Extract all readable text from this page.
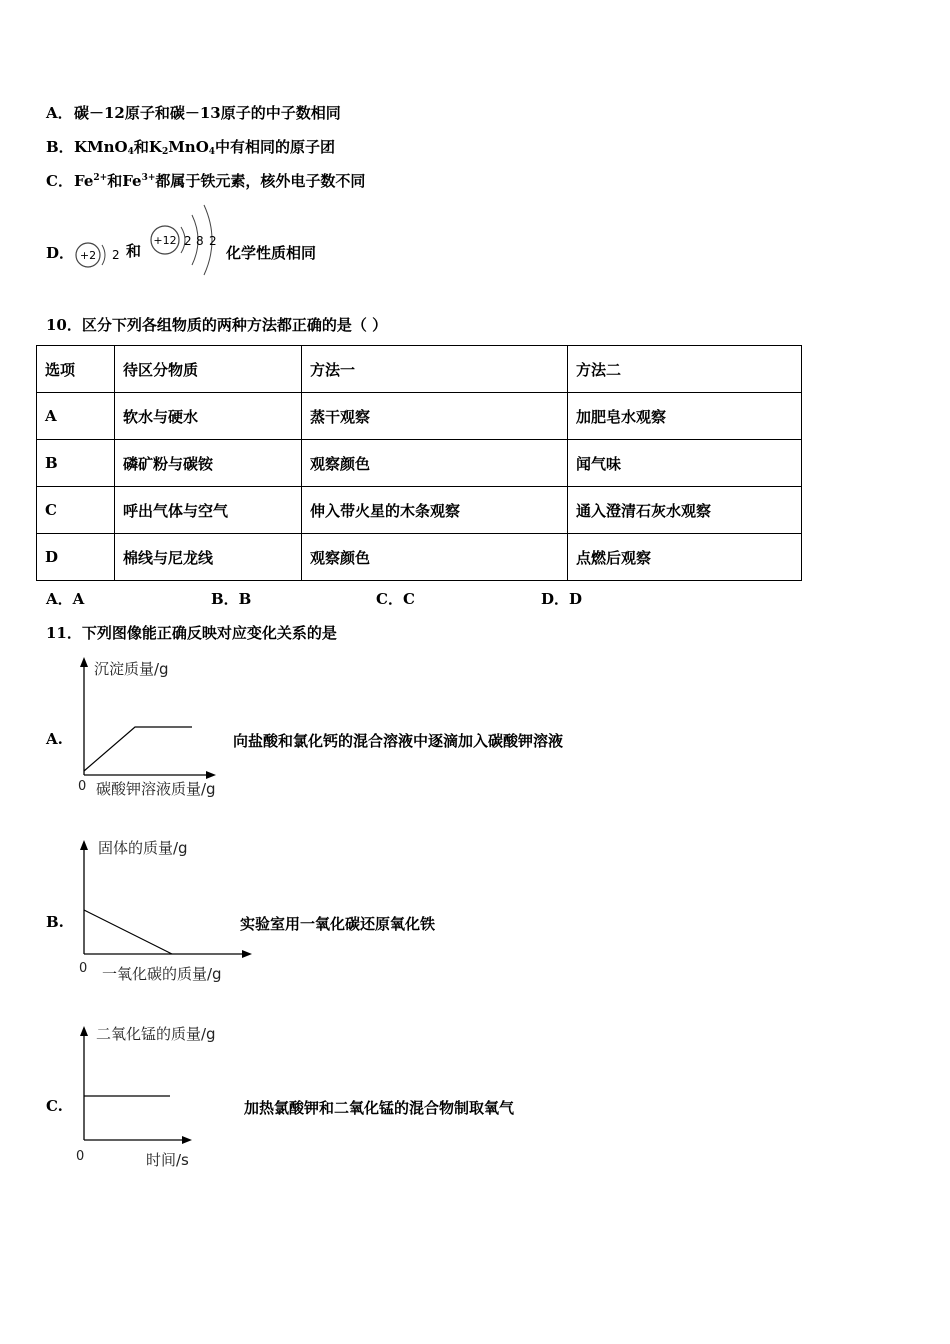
A．碳－12原子和碳－13原子的中子数相同
B．KMnO$_4$和$K_2MnO_4$中有相同的原子团
C．$Fe^{2+}$和$Fe^{3+}$都属于铁元素，核外电子数不同
D． +2 2 和
+12 2 8 2
化学性质相同
10．区分下列各组物质的两种方法都正确的是（ ）
选项	待区分物质	方法一	方法二
A	软水与硬水	蒸干观察	加肥皂水观察
B	磷矿粉与碳铵	观察颜色	闻气味
C	呼出气体与空气	伸入带火星的木条观察	通入澄清石灰水观察
D	棉线与尼龙线	观察颜色	点燃后观察
A．A	B．B	C．C	D．D
11．下列图像能正确反映对应变化关系的是
A.
沉淀质量/g
0 碳酸钾溶液质量/g
向盐酸和氯化钙的混合溶液中逐滴加入碳酸钾溶液
B.
固体的质量/g
0 一氧化碳的质量/g
实验室用一氧化碳还原氧化铁
C.
二氧化锰的质量/g
0	时间/s
加热氯酸钾和二氧化锰的混合物制取氧气
